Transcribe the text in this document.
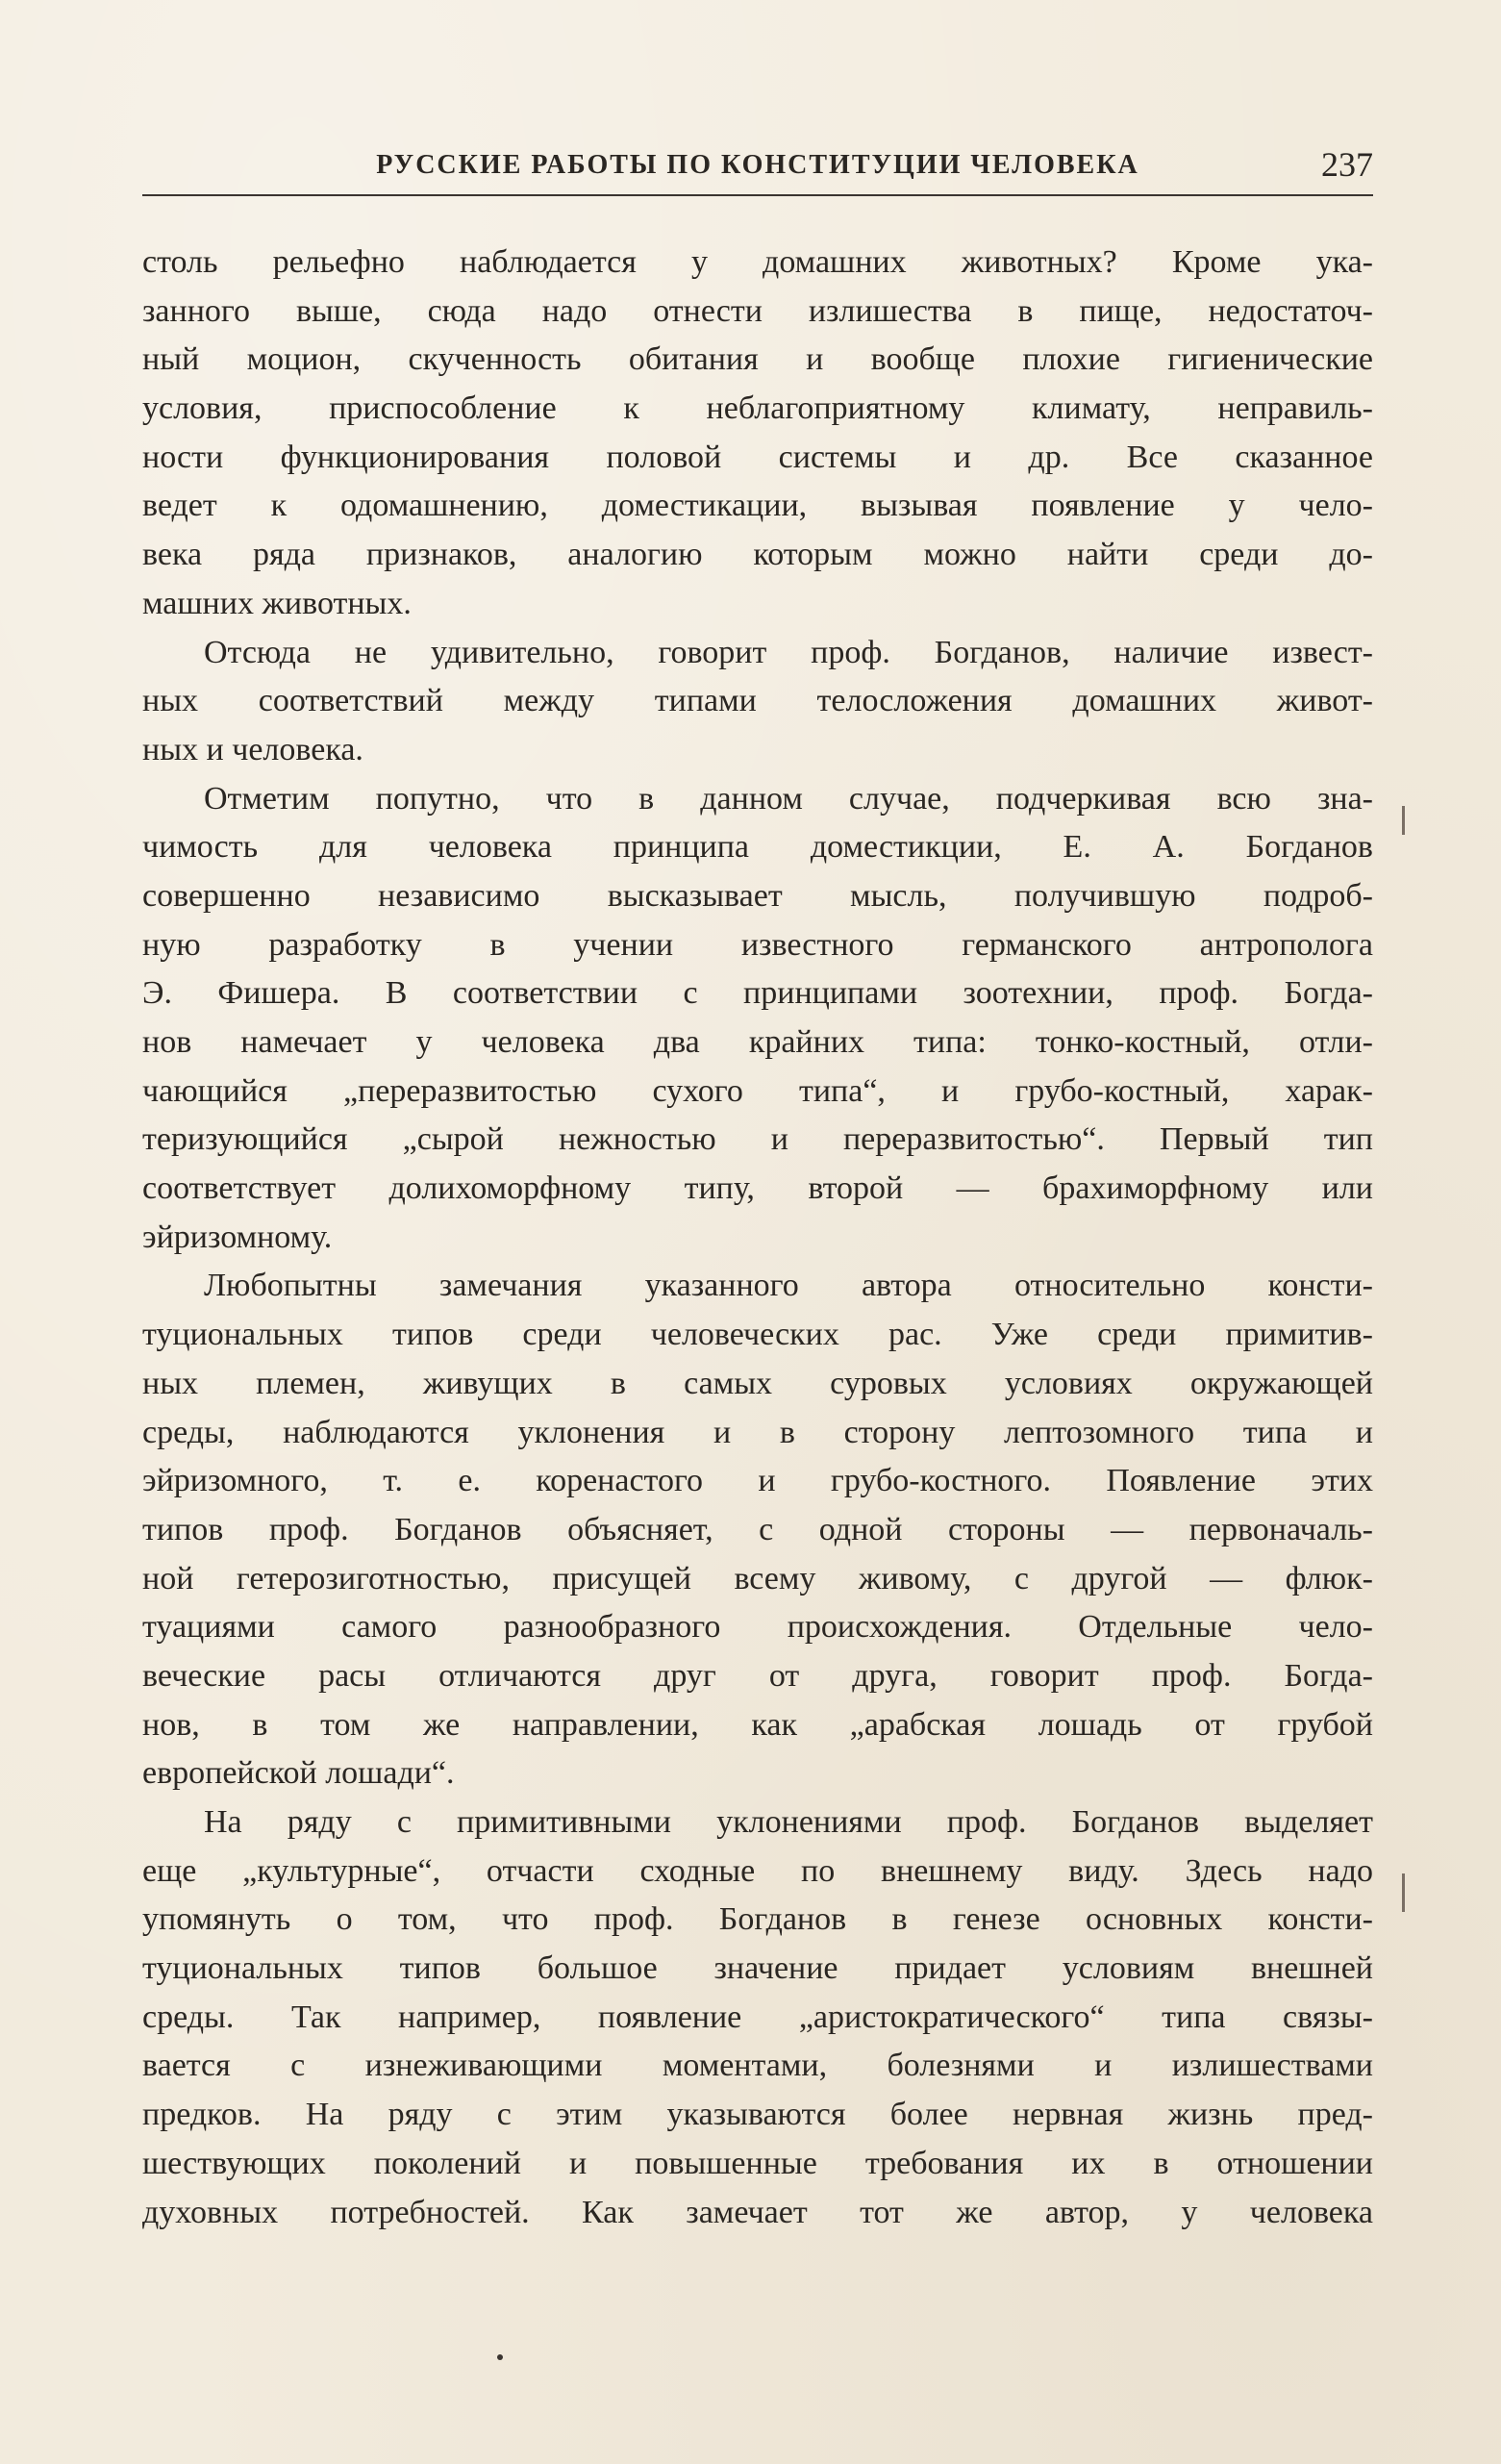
РУССКИЕ РАБОТЫ ПО КОНСТИТУЦИИ ЧЕЛОВЕКА	237
столь рельефно наблюдается у домашних животных? Кроме ука-
занного выше, сюда надо отнести излишества в пище, недостаточ-
ный моцион, скученность обитания и вообще плохие гигиенические
условия, приспособление к неблагоприятному климату, неправиль-
ности функционирования половой системы и др. Все сказанное
ведет к одомашнению, доместикации, вызывая появление у чело-
века ряда признаков, аналогию которым можно найти среди до-
машних животных.
Отсюда не удивительно, говорит проф. Богданов, наличие извест-
ных соответствий между типами телосложения домашних живот-
ных и человека.
Отметим попутно, что в данном случае, подчеркивая всю зна-
чимость для человека принципа доместикции, Е. А. Богданов
совершенно независимо высказывает мысль, получившую подроб-
ную разработку в учении известного германского антрополога
Э. Фишера. В соответствии с принципами зоотехнии, проф. Богда-
нов намечает у человека два крайних типа: тонко-костный, отли-
чающийся „переразвитостью сухого типа“, и грубо-костный, харак-
теризующийся „сырой нежностью и переразвитостью“. Первый тип
соответствует долихоморфному типу, второй — брахиморфному или
эйризомному.
Любопытны замечания указанного автора относительно консти-
туциональных типов среди человеческих рас. Уже среди примитив-
ных племен, живущих в самых суровых условиях окружающей
среды, наблюдаются уклонения и в сторону лептозомного типа и
эйризомного, т. е. коренастого и грубо-костного. Появление этих
типов проф. Богданов объясняет, с одной стороны — первоначаль-
ной гетерозиготностью, присущей всему живому, с другой — флюк-
туациями самого разнообразного происхождения. Отдельные чело-
веческие расы отличаются друг от друга, говорит проф. Богда-
нов, в том же направлении, как „арабская лошадь от грубой
европейской лошади“.
На ряду с примитивными уклонениями проф. Богданов выделяет
еще „культурные“, отчасти сходные по внешнему виду. Здесь надо
упомянуть о том, что проф. Богданов в генезе основных консти-
туциональных типов большое значение придает условиям внешней
среды. Так например, появление „аристократического“ типа связы-
вается с изнеживающими моментами, болезнями и излишествами
предков. На ряду с этим указываются более нервная жизнь пред-
шествующих поколений и повышенные требования их в отношении
духовных потребностей. Как замечает тот же автор, у человека
